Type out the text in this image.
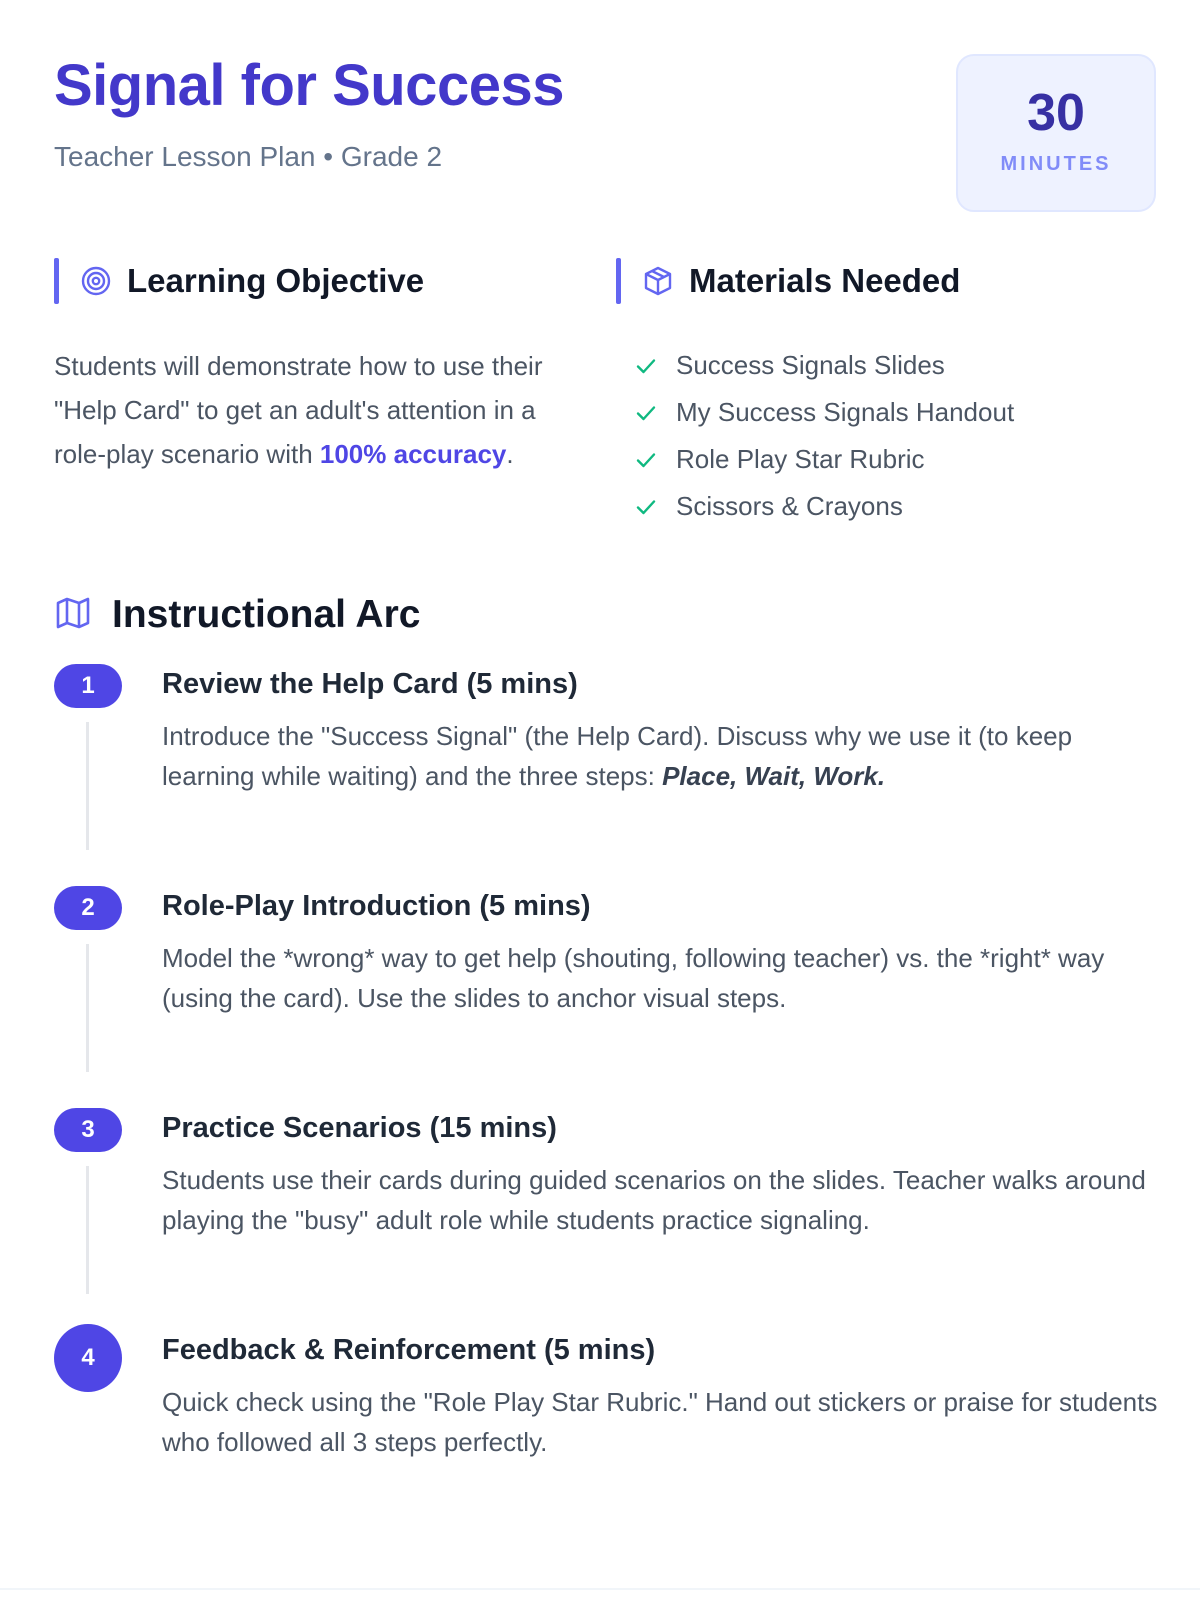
Signal for Success
Teacher Lesson Plan • Grade 2
30
MINUTES
Learning Objective

Students will demonstrate how to use their "Help Card" to get an adult's attention in a role-play scenario with 100% accuracy.

Materials Needed
Success Signals Slides
My Success Signals Handout
Role Play Star Rubric
Scissors & Crayons
Instructional Arc
1	Review the Help Card (5 mins)

Introduce the "Success Signal" (the Help Card). Discuss why we use it (to keep learning while waiting) and the three steps: Place, Wait, Work.

2	Role-Play Introduction (5 mins)

Model the *wrong* way to get help (shouting, following teacher) vs. the *right* way (using the card). Use the slides to anchor visual steps.

3	Practice Scenarios (15 mins)

Students use their cards during guided scenarios on the slides. Teacher walks around playing the "busy" adult role while students practice signaling.

4	Feedback & Reinforcement (5 mins)

Quick check using the "Role Play Star Rubric." Hand out stickers or praise for students who followed all 3 steps perfectly.
